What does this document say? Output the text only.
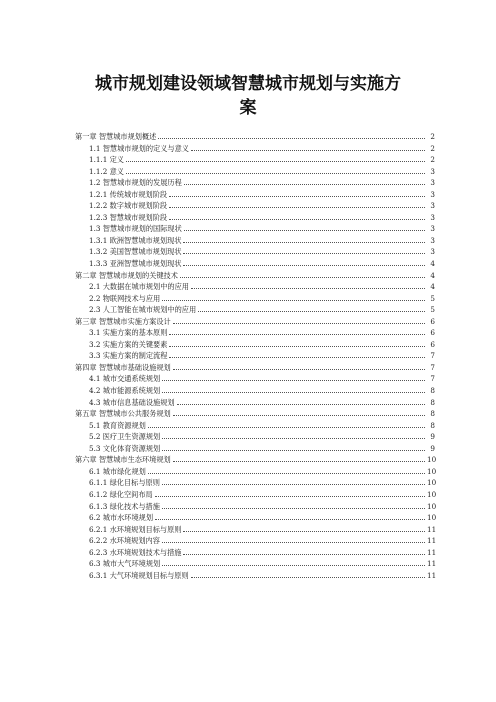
城市规划建设领域智慧城市规划与实施方
案
第一章 智慧城市规划概述	2
1.1 智慧城市规划的定义与意义	2
1.1.1 定义	2
1.1.2 意义	3
1.2 智慧城市规划的发展历程	3
1.2.1 传统城市规划阶段	3
1.2.2 数字城市规划阶段	3
1.2.3 智慧城市规划阶段	3
1.3 智慧城市规划的国际现状	3
1.3.1 欧洲智慧城市规划现状	3
1.3.2 美国智慧城市规划现状	3
1.3.3 亚洲智慧城市规划现状	4
第二章 智慧城市规划的关键技术	4
2.1 大数据在城市规划中的应用	4
2.2 物联网技术与应用	5
2.3 人工智能在城市规划中的应用	5
第三章 智慧城市实施方案设计	6
3.1 实施方案的基本原则	6
3.2 实施方案的关键要素	6
3.3 实施方案的制定流程	7
第四章 智慧城市基础设施规划	7
4.1 城市交通系统规划	7
4.2 城市能源系统规划	8
4.3 城市信息基础设施规划	8
第五章 智慧城市公共服务规划	8
5.1 教育资源规划	8
5.2 医疗卫生资源规划	9
5.3 文化体育资源规划	9
第六章 智慧城市生态环境规划	10
6.1 城市绿化规划	10
6.1.1 绿化目标与原则	10
6.1.2 绿化空间布局	10
6.1.3 绿化技术与措施	10
6.2 城市水环境规划	10
6.2.1 水环境规划目标与原则	11
6.2.2 水环境规划内容	11
6.2.3 水环境规划技术与措施	11
6.3 城市大气环境规划	11
6.3.1 大气环境规划目标与原则	11
